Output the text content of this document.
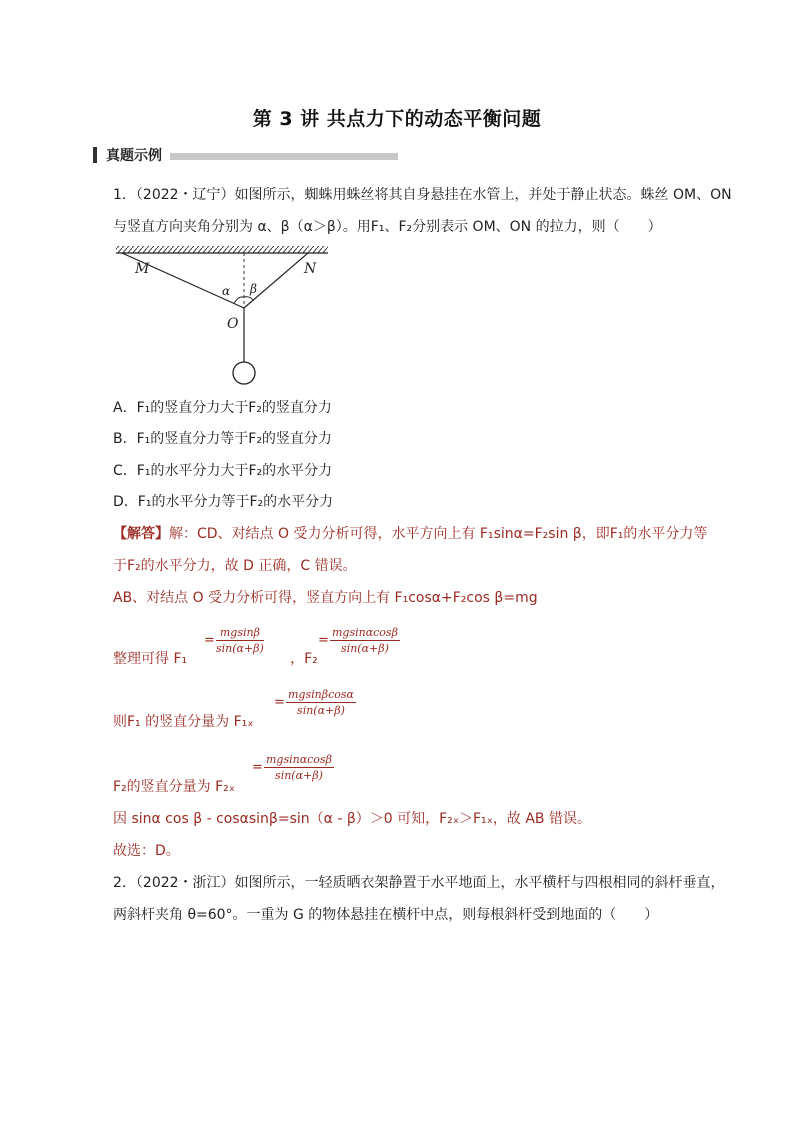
第 3 讲 共点力下的动态平衡问题
真题示例
1．（2022・辽宁）如图所示，蜘蛛用蛛丝将其自身悬挂在水管上，并处于静止状态。蛛丝 OM、ON
与竖直方向夹角分别为 α、β（α＞β）。用F₁、F₂分别表示 OM、ON 的拉力，则（　　）
M	N
α β
O
A．F₁的竖直分力大于F₂的竖直分力
B．F₁的竖直分力等于F₂的竖直分力
C．F₁的水平分力大于F₂的水平分力
D．F₁的水平分力等于F₂的水平分力
【解答】解：CD、对结点 O 受力分析可得，水平方向上有 F₁sinα=F₂sin β，即F₁的水平分力等
于F₂的水平分力，故 D 正确，C 错误。
AB、对结点 O 受力分析可得，竖直方向上有 F₁cosα+F₂cos β=mg
整理可得 F₁	，F₂
= $\frac{mgsin\beta}{\sin(\alpha+\beta)}$	= $\frac{mgsin\alpha\cos\beta}{\sin(\alpha+\beta)}$
则F₁ 的竖直分量为 F₁ₓ
= $\frac{mgsin\beta\cos\alpha}{\sin(\alpha+\beta)}$
F₂的竖直分量为 F₂ₓ
= $\frac{mgsin\alpha\cos\beta}{\sin(\alpha+\beta)}$
因 sinα cos β - cosαsinβ=sin（α - β）＞0 可知，F₂ₓ＞F₁ₓ，故 AB 错误。
故选：D。
2．（2022・浙江）如图所示，一轻质晒衣架静置于水平地面上，水平横杆与四根相同的斜杆垂直，
两斜杆夹角 θ=60°。一重为 G 的物体悬挂在横杆中点，则每根斜杆受到地面的（　　）
